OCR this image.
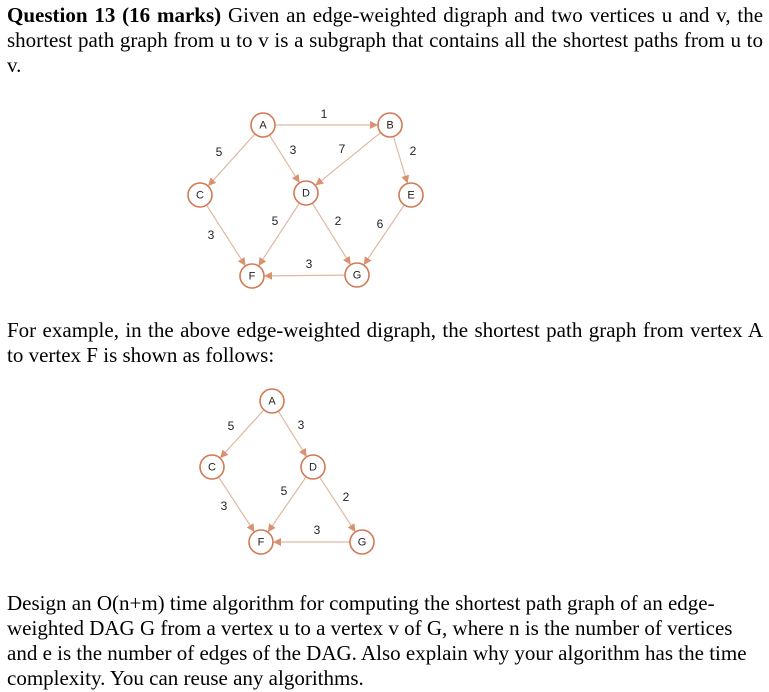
Question 13 (16 marks) Given an edge-weighted digraph and two vertices u and v, the shortest path graph from u to v is a subgraph that contains all the shortest paths from u to v.

1
5	3	7	2
3
5	2	6
3
A	B
C	D	E
F	G

For example, in the above edge-weighted digraph, the shortest path graph from vertex A to vertex F is shown as follows:

5	3
3
5	2
3
A
C	D
F	G

Design an O(n+m) time algorithm for computing the shortest path graph of an edge-weighted DAG G from a vertex u to a vertex v of G, where n is the number of vertices and e is the number of edges of the DAG. Also explain why your algorithm has the time complexity. You can reuse any algorithms.
